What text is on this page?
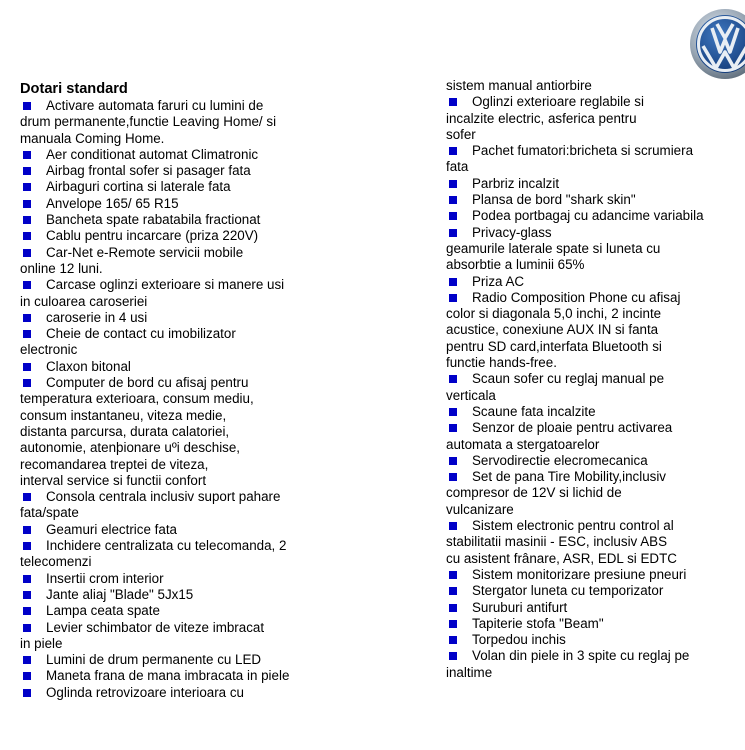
Dotari standard
Activare automata faruri cu lumini de
drum permanente,functie Leaving Home/ si
manuala Coming Home.
Aer conditionat automat Climatronic
Airbag frontal sofer si pasager fata
Airbaguri cortina si laterale fata
Anvelope 165/ 65 R15
Bancheta spate rabatabila fractionat
Cablu pentru incarcare (priza 220V)
Car-Net e-Remote servicii mobile
online 12 luni.
Carcase oglinzi exterioare si manere usi
in culoarea caroseriei
caroserie in 4 usi
Cheie de contact cu imobilizator
electronic
Claxon bitonal
Computer de bord cu afisaj pentru
temperatura exterioara, consum mediu,
consum instantaneu, viteza medie,
distanta parcursa, durata calatoriei,
autonomie, atenþionare uºi deschise,
recomandarea treptei de viteza,
interval service si functii confort
Consola centrala inclusiv suport pahare
fata/spate
Geamuri electrice fata
Inchidere centralizata cu telecomanda, 2
telecomenzi
Insertii crom interior
Jante aliaj "Blade" 5Jx15
Lampa ceata spate
Levier schimbator de viteze imbracat
in piele
Lumini de drum permanente cu LED
Maneta frana de mana imbracata in piele
Oglinda retrovizoare interioara cu
sistem manual antiorbire
Oglinzi exterioare reglabile si
incalzite electric, asferica pentru
sofer
Pachet fumatori:bricheta si scrumiera
fata
Parbriz incalzit
Plansa de bord "shark skin"
Podea portbagaj cu adancime variabila
Privacy-glass
geamurile laterale spate si luneta cu
absorbtie a luminii 65%
Priza AC
Radio Composition Phone cu afisaj
color si diagonala 5,0 inchi, 2 incinte
acustice, conexiune AUX IN si fanta
pentru SD card,interfata Bluetooth si
functie hands-free.
Scaun sofer cu reglaj manual pe
verticala
Scaune fata incalzite
Senzor de ploaie pentru activarea
automata a stergatoarelor
Servodirectie elecromecanica
Set de pana Tire Mobility,inclusiv
compresor de 12V si lichid de
vulcanizare
Sistem electronic pentru control al
stabilitatii masinii - ESC, inclusiv ABS
cu asistent frânare, ASR, EDL si EDTC
Sistem monitorizare presiune pneuri
Stergator luneta cu temporizator
Suruburi antifurt
Tapiterie stofa "Beam"
Torpedou inchis
Volan din piele in 3 spite cu reglaj pe
inaltime
